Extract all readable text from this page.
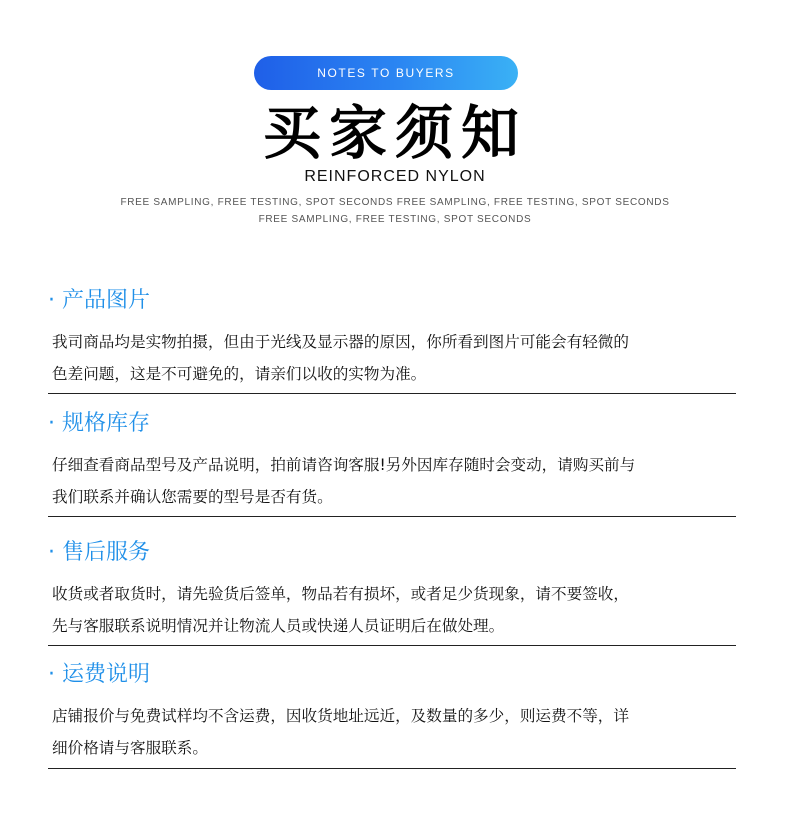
NOTES TO BUYERS
买家须知
REINFORCED NYLON
FREE SAMPLING, FREE TESTING, SPOT SECONDS FREE SAMPLING, FREE TESTING, SPOT SECONDS
FREE SAMPLING, FREE TESTING, SPOT SECONDS
· 产品图片
我司商品均是实物拍摄，但由于光线及显示器的原因，你所看到图片可能会有轻微的
色差问题，这是不可避免的，请亲们以收的实物为准。
· 规格库存
仔细查看商品型号及产品说明，拍前请咨询客服!另外因库存随时会变动，请购买前与
我们联系并确认您需要的型号是否有货。
· 售后服务
收货或者取货时，请先验货后签单，物品若有损坏，或者足少货现象，请不要签收，
先与客服联系说明情况并让物流人员或快递人员证明后在做处理。
· 运费说明
店铺报价与免费试样均不含运费，因收货地址远近，及数量的多少，则运费不等，详
细价格请与客服联系。
